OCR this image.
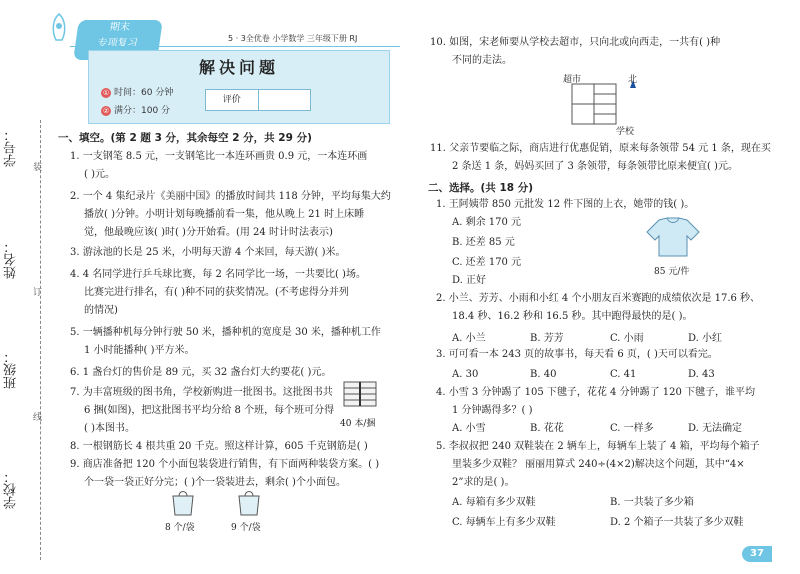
学号：
姓名：
班级：
学校：
装
订
线
期末
专项复习	5 · 3全优卷 小学数学 三年级下册 RJ
解决问题
① 时间：60 分钟
② 满分：100 分
评价
一、填空。(第 2 题 3 分，其余每空 2 分，共 29 分)
1. 一支钢笔 8.5 元，一支钢笔比一本连环画贵 0.9 元，一本连环画
( )元。
2. 一个 4 集纪录片《美丽中国》的播放时间共 118 分钟，平均每集大约
播放( )分钟。小明计划每晚播前看一集，他从晚上 21 时上床睡
觉，他最晚应该( )时( )分开始看。(用 24 时计时法表示)
3. 游泳池的长是 25 米，小明每天游 4 个来回，每天游( )米。
4. 4 名同学进行乒乓球比赛，每 2 名同学比一场，一共要比( )场。
比赛完进行排名，有( )种不同的获奖情况。(不考虑得分并列
的情况)
5. 一辆播种机每分钟行驶 50 米，播种机的宽度是 30 米，播种机工作
1 小时能播种( )平方米。
6. 1 盏台灯的售价是 89 元，买 32 盏台灯大约要花( )元。
7. 为丰富班级的图书角，学校新购进一批图书。这批图书共
6 捆(如图)，把这批图书平均分给 8 个班，每个班可分得
( )本图书。
8. 一根钢筋长 4 根共重 20 千克。照这样计算，605 千克钢筋是( )
9. 商店准备把 120 个小面包装袋进行销售，有下面两种装袋方案。( )
个一袋一袋正好分完；( )个一袋装进去，剩余( )个小面包。
40 本/捆
8 个/袋	9 个/袋
10. 如图，宋老师要从学校去超市，只向北或向西走，一共有( )种
不同的走法。
11. 父亲节要临之际，商店进行优惠促销，原来每条领带 54 元 1 条，现在买
2 条送 1 条，妈妈买回了 3 条领带，每条领带比原来便宜( )元。
二、选择。(共 18 分)
1. 王阿姨带 850 元批发 12 件下图的上衣，她带的钱( )。
A. 剩余 170 元
B. 还差 85 元
C. 还差 170 元
D. 正好
2. 小兰、芳芳、小雨和小红 4 个小朋友百米赛跑的成绩依次是 17.6 秒、
18.4 秒、16.2 秒和 16.5 秒。其中跑得最快的是( )。
A. 小兰	B. 芳芳	C. 小雨	D. 小红
3. 可可看一本 243 页的故事书，每天看 6 页，( )天可以看完。
A. 30	B. 40	C. 41	D. 43
4. 小雪 3 分钟踢了 105 下毽子，花花 4 分钟踢了 120 下毽子，谁平均
1 分钟踢得多？( )
A. 小雪	B. 花花	C. 一样多	D. 无法确定
5. 李叔叔把 240 双鞋装在 2 辆车上，每辆车上装了 4 箱，平均每个箱子
里装多少双鞋？ 丽丽用算式 240÷(4×2)解决这个问题，其中“4×
2”求的是( )。
A. 每箱有多少双鞋	B. 一共装了多少箱
C. 每辆车上有多少双鞋	D. 2 个箱子一共装了多少双鞋
超市	北
学校
85 元/件
37
